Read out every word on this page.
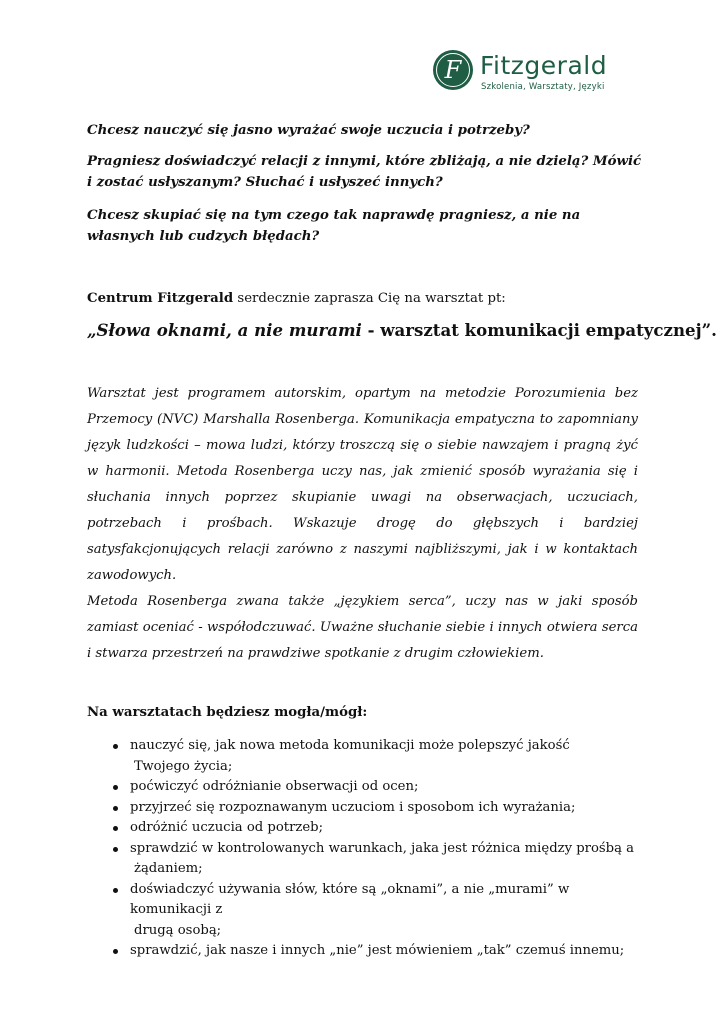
F Fitzgerald
Szkolenia, Warsztaty, Języki

Chcesz nauczyć się jasno wyrażać swoje uczucia i potrzeby?

Pragniesz doświadczyć relacji z innymi, które zbliżają, a nie dzielą? Mówić i zostać usłyszanym? Słuchać i usłyszeć innych?

Chcesz skupiać się na tym czego tak naprawdę pragniesz, a nie na własnych lub cudzych błędach?

Centrum Fitzgerald serdecznie zaprasza Cię na warsztat pt:
„Słowa oknami, a nie murami - warsztat komunikacji empatycznej”.
Warsztat jest programem autorskim, opartym na metodzie Porozumienia bez Przemocy (NVC) Marshalla Rosenberga. Komunikacja empatyczna to zapomniany język ludzkości – mowa ludzi, którzy troszczą się o siebie nawzajem i pragną żyć w harmonii. Metoda Rosenberga uczy nas, jak zmienić sposób wyrażania się i słuchania innych poprzez skupianie uwagi na obserwacjach, uczuciach, potrzebach i prośbach. Wskazuje drogę do głębszych i bardziej satysfakcjonujących relacji zarówno z naszymi najbliższymi, jak i w kontaktach zawodowych.
Metoda Rosenberga zwana także „językiem serca”, uczy nas w jaki sposób zamiast oceniać - współodczuwać. Uważne słuchanie siebie i innych otwiera serca i stwarza przestrzeń na prawdziwe spotkanie z drugim człowiekiem.
Na warsztatach będziesz mogła/mógł:
nauczyć się, jak nowa metoda komunikacji może polepszyć jakość
Twojego życia;
poćwiczyć odróżnianie obserwacji od ocen;
przyjrzeć się rozpoznawanym uczuciom i sposobom ich wyrażania;
odróżnić uczucia od potrzeb;
sprawdzić w kontrolowanych warunkach, jaka jest różnica między prośbą a
żądaniem;
doświadczyć używania słów, które są „oknami”, a nie „murami” w komunikacji z
drugą osobą;
sprawdzić, jak nasze i innych „nie” jest mówieniem „tak” czemuś innemu;
